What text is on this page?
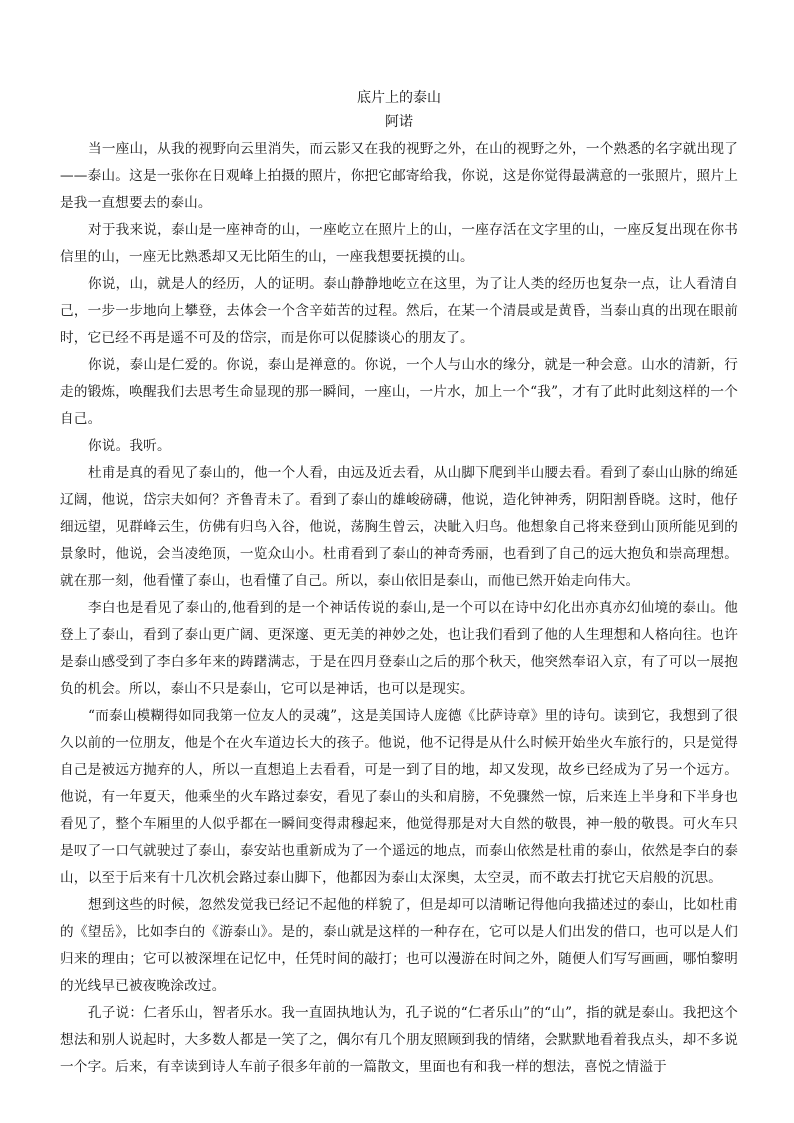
底片上的泰山

阿诺

当一座山，从我的视野向云里消失，而云影又在我的视野之外，在山的视野之外，一个熟悉的名字就出现了——泰山。这是一张你在日观峰上拍摄的照片，你把它邮寄给我，你说，这是你觉得最满意的一张照片，照片上是我一直想要去的泰山。

对于我来说，泰山是一座神奇的山，一座屹立在照片上的山，一座存活在文字里的山，一座反复出现在你书信里的山，一座无比熟悉却又无比陌生的山，一座我想要抚摸的山。

你说，山，就是人的经历，人的证明。泰山静静地屹立在这里，为了让人类的经历也复杂一点，让人看清自己，一步一步地向上攀登，去体会一个含辛茹苦的过程。然后，在某一个清晨或是黄昏，当泰山真的出现在眼前时，它已经不再是遥不可及的岱宗，而是你可以促膝谈心的朋友了。

你说，泰山是仁爱的。你说，泰山是禅意的。你说，一个人与山水的缘分，就是一种会意。山水的清新，行走的锻炼，唤醒我们去思考生命显现的那一瞬间，一座山，一片水，加上一个“我”，才有了此时此刻这样的一个自己。

你说。我听。

杜甫是真的看见了泰山的，他一个人看，由远及近去看，从山脚下爬到半山腰去看。看到了泰山山脉的绵延辽阔，他说，岱宗夫如何？齐鲁青未了。看到了泰山的雄峻磅礴，他说，造化钟神秀，阴阳割昏晓。这时，他仔细远望，见群峰云生，仿佛有归鸟入谷，他说，荡胸生曾云，决眦入归鸟。他想象自己将来登到山顶所能见到的景象时，他说，会当凌绝顶，一览众山小。杜甫看到了泰山的神奇秀丽，也看到了自己的远大抱负和崇高理想。就在那一刻，他看懂了泰山，也看懂了自己。所以，泰山依旧是泰山，而他已然开始走向伟大。

李白也是看见了泰山的,他看到的是一个神话传说的泰山,是一个可以在诗中幻化出亦真亦幻仙境的泰山。他登上了泰山，看到了泰山更广阔、更深邃、更无美的神妙之处，也让我们看到了他的人生理想和人格向往。也许是泰山感受到了李白多年来的踌躇满志，于是在四月登泰山之后的那个秋天，他突然奉诏入京，有了可以一展抱负的机会。所以，泰山不只是泰山，它可以是神话，也可以是现实。

“而泰山模糊得如同我第一位友人的灵魂”，这是美国诗人庞德《比萨诗章》里的诗句。读到它，我想到了很久以前的一位朋友，他是个在火车道边长大的孩子。他说，他不记得是从什么时候开始坐火车旅行的，只是觉得自己是被远方抛弃的人，所以一直想追上去看看，可是一到了目的地，却又发现，故乡已经成为了另一个远方。他说，有一年夏天，他乘坐的火车路过泰安，看见了泰山的头和肩膀，不免骤然一惊，后来连上半身和下半身也看见了，整个车厢里的人似乎都在一瞬间变得肃穆起来，他觉得那是对大自然的敬畏，神一般的敬畏。可火车只是叹了一口气就驶过了泰山，泰安站也重新成为了一个遥远的地点，而泰山依然是杜甫的泰山，依然是李白的泰山，以至于后来有十几次机会路过泰山脚下，他都因为泰山太深奥，太空灵，而不敢去打扰它天启般的沉思。

想到这些的时候，忽然发觉我已经记不起他的样貌了，但是却可以清晰记得他向我描述过的泰山，比如杜甫的《望岳》，比如李白的《游泰山》。是的，泰山就是这样的一种存在，它可以是人们出发的借口，也可以是人们归来的理由；它可以被深埋在记忆中，任凭时间的敲打；也可以漫游在时间之外，随便人们写写画画，哪怕黎明的光线早已被夜晚涂改过。

孔子说：仁者乐山，智者乐水。我一直固执地认为，孔子说的“仁者乐山”的“山”，指的就是泰山。我把这个想法和别人说起时，大多数人都是一笑了之，偶尔有几个朋友照顾到我的情绪，会默默地看着我点头，却不多说一个字。后来，有幸读到诗人车前子很多年前的一篇散文，里面也有和我一样的想法，喜悦之情溢于
